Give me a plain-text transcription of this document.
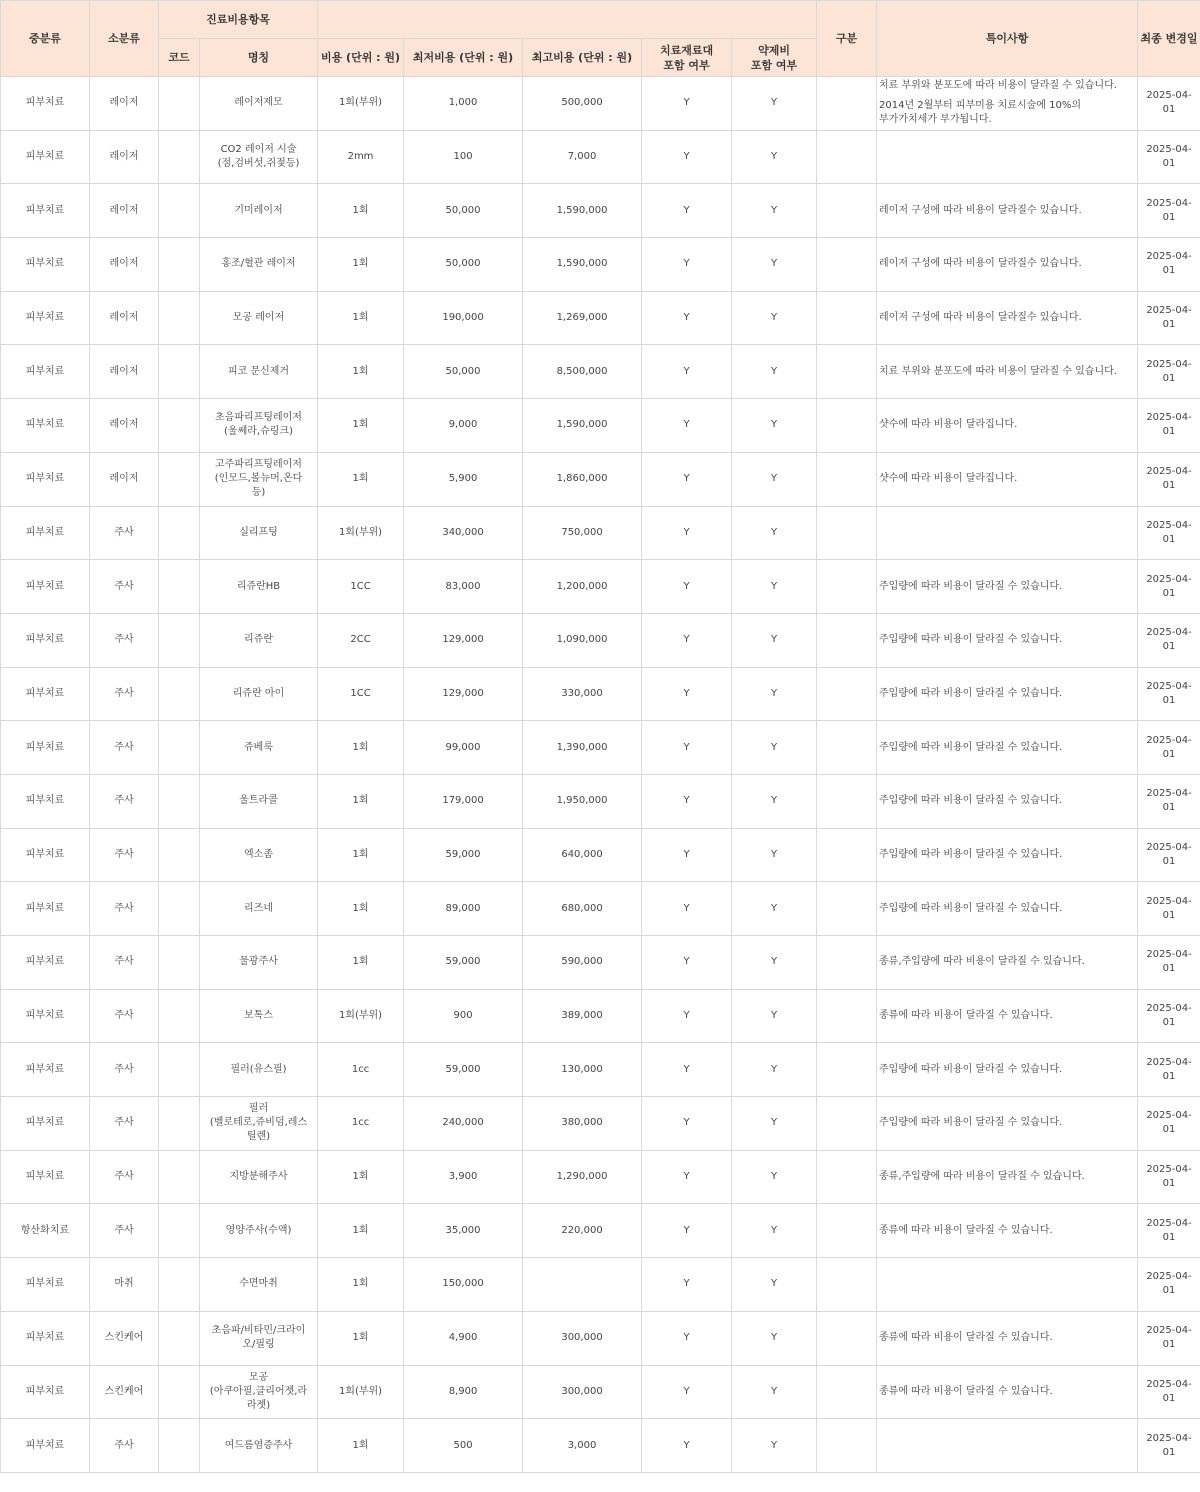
중분류	소분류	진료비용항목							구분	특이사항	최종 변경일
		코드	명칭	비용 (단위 : 원)	최저비용 (단위 : 원)	최고비용 (단위 : 원)	치료재료대
포함 여부	약제비
포함 여부			

피부치료	레이저		레이저제모	1회(부위)	1,000	500,000	Y	Y		치료 부위와 분포도에 따라 비용이 달라질 수 있습니다.
2014년 2월부터 피부미용 치료시술에 10%의 부가가치세가 부가됩니다.	2025-04-01
피부치료	레이저		CO2 레이저 시술
(점,검버섯,쥐젖등)	2mm	100	7,000	Y	Y			2025-04-01
피부치료	레이저		기미레이저	1회	50,000	1,590,000	Y	Y		레이저 구성에 따라 비용이 달라질수 있습니다.	2025-04-01
피부치료	레이저		홍조/혈관 레이저	1회	50,000	1,590,000	Y	Y		레이저 구성에 따라 비용이 달라질수 있습니다.	2025-04-01
피부치료	레이저		모공 레이저	1회	190,000	1,269,000	Y	Y		레이저 구성에 따라 비용이 달라질수 있습니다.	2025-04-01
피부치료	레이저		피코 문신제거	1회	50,000	8,500,000	Y	Y		치료 부위와 분포도에 따라 비용이 달라질 수 있습니다.	2025-04-01
피부치료	레이저		초음파리프팅레이저
(울쎄라,슈링크)	1회	9,000	1,590,000	Y	Y		샷수에 따라 비용이 달라집니다.	2025-04-01
피부치료	레이저		고주파리프팅레이저
(인모드,볼뉴머,온다
등)	1회	5,900	1,860,000	Y	Y		샷수에 따라 비용이 달라집니다.	2025-04-01
피부치료	주사		실리프팅	1회(부위)	340,000	750,000	Y	Y			2025-04-01
피부치료	주사		리쥬란HB	1CC	83,000	1,200,000	Y	Y		주입량에 따라 비용이 달라질 수 있습니다.	2025-04-01
피부치료	주사		리쥬란	2CC	129,000	1,090,000	Y	Y		주입량에 따라 비용이 달라질 수 있습니다.	2025-04-01
피부치료	주사		리쥬란 아이	1CC	129,000	330,000	Y	Y		주입량에 따라 비용이 달라질 수 있습니다.	2025-04-01
피부치료	주사		쥬베룩	1회	99,000	1,390,000	Y	Y		주입량에 따라 비용이 달라질 수 있습니다.	2025-04-01
피부치료	주사		울트라콜	1회	179,000	1,950,000	Y	Y		주입량에 따라 비용이 달라질 수 있습니다.	2025-04-01
피부치료	주사		엑소좀	1회	59,000	640,000	Y	Y		주입량에 따라 비용이 달라질 수 있습니다.	2025-04-01
피부치료	주사		리즈네	1회	89,000	680,000	Y	Y		주입량에 따라 비용이 달라질 수 있습니다.	2025-04-01
피부치료	주사		물광주사	1회	59,000	590,000	Y	Y		종류,주입량에 따라 비용이 달라질 수 있습니다.	2025-04-01
피부치료	주사		보톡스	1회(부위)	900	389,000	Y	Y		종류에 따라 비용이 달라질 수 있습니다.	2025-04-01
피부치료	주사		필러(유스필)	1cc	59,000	130,000	Y	Y		주입량에 따라 비용이 달라질 수 있습니다.	2025-04-01
피부치료	주사		필러
(벨로테로,쥬비덤,레스
틸렌)	1cc	240,000	380,000	Y	Y		주입량에 따라 비용이 달라질 수 있습니다.	2025-04-01
피부치료	주사		지방분해주사	1회	3,900	1,290,000	Y	Y		종류,주입량에 따라 비용이 달라질 수 있습니다.	2025-04-01
항산화치료	주사		영양주사(수액)	1회	35,000	220,000	Y	Y		종류에 따라 비용이 달라질 수 있습니다.	2025-04-01
피부치료	마취		수면마취	1회	150,000		Y	Y			2025-04-01
피부치료	스킨케어		초음파/비타민/크라이
오/필링	1회	4,900	300,000	Y	Y		종류에 따라 비용이 달라질 수 있습니다.	2025-04-01
피부치료	스킨케어		모공
(아쿠아필,클리어젯,라
라젯)	1회(부위)	8,900	300,000	Y	Y		종류에 따라 비용이 달라질 수 있습니다.	2025-04-01
피부치료	주사		여드름염증주사	1회	500	3,000	Y	Y			2025-04-01
